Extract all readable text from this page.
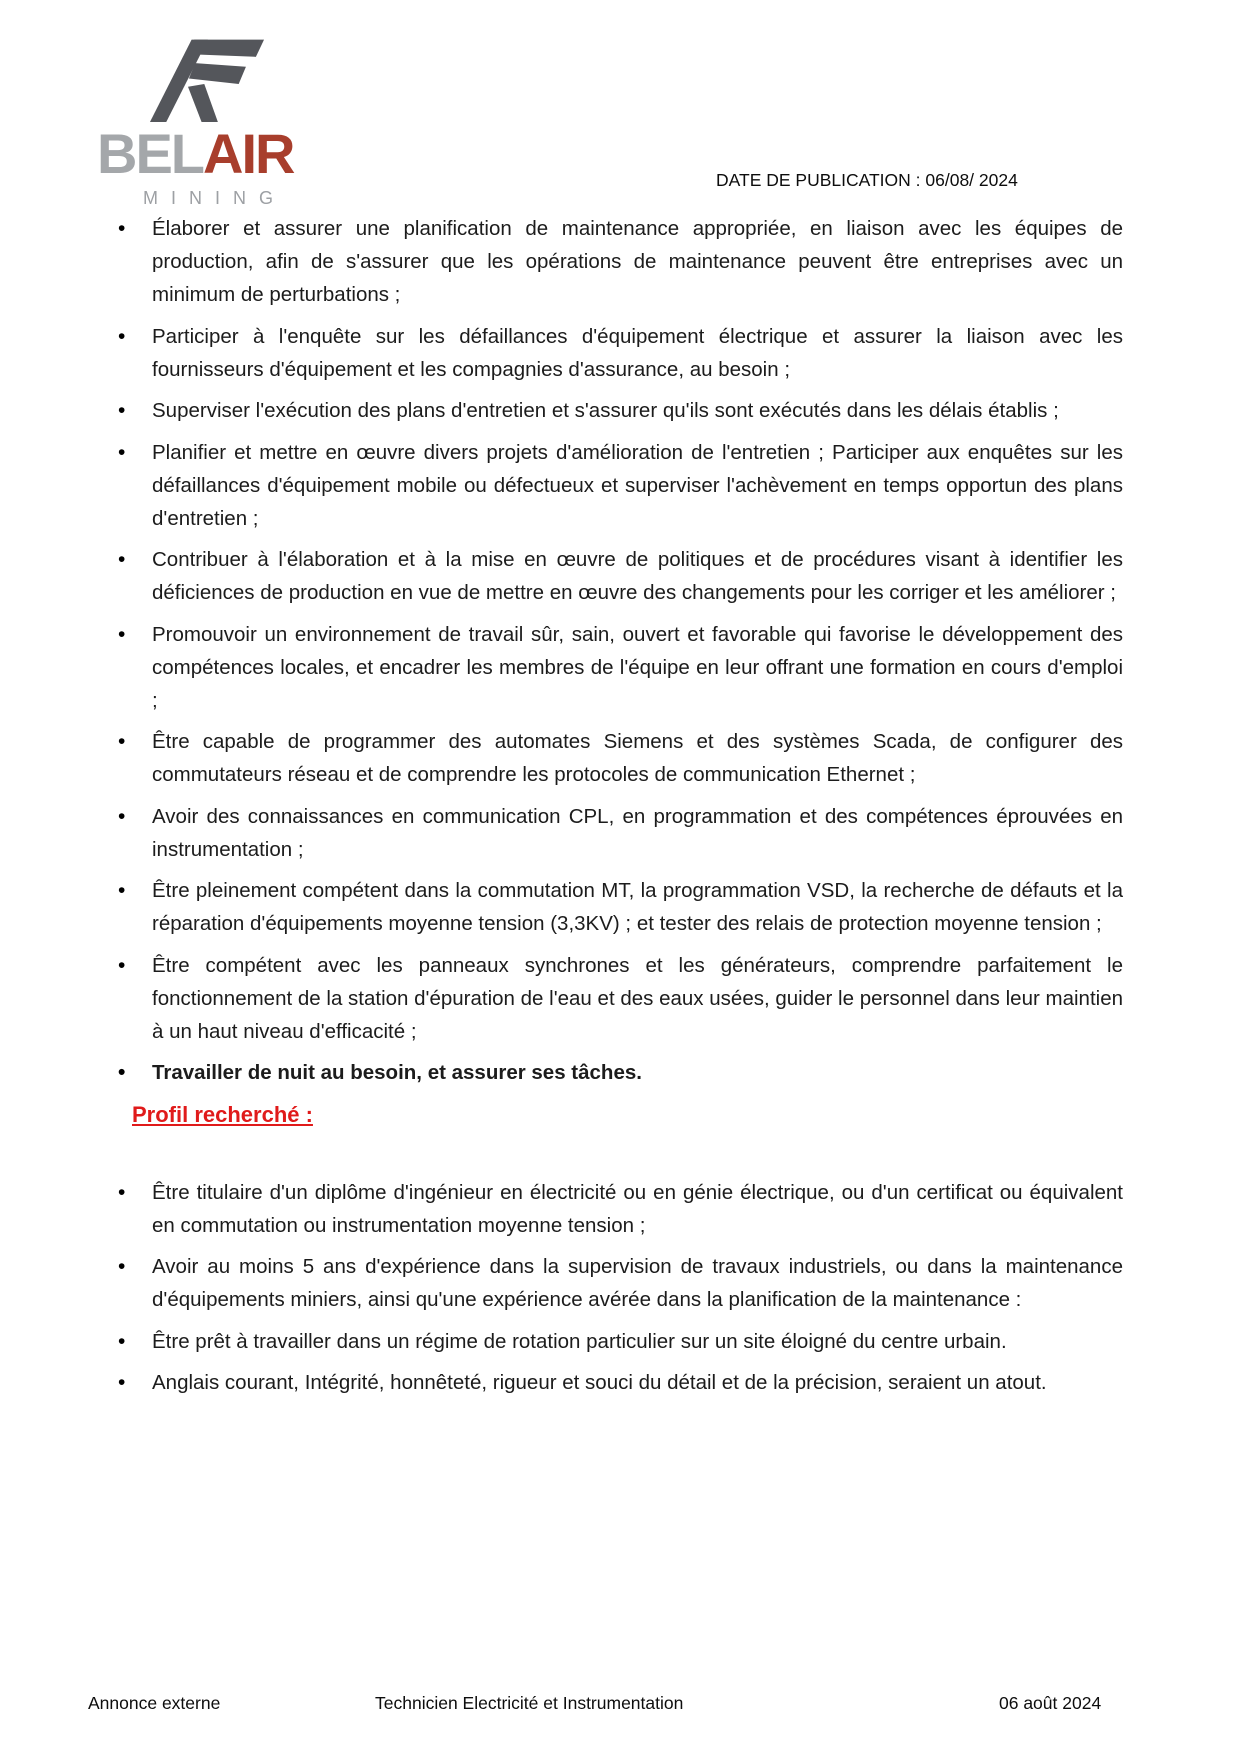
BELAIR
MINING
DATE DE PUBLICATION : 06/08/ 2024
• Élaborer et assurer une planification de maintenance appropriée, en liaison avec les équipes de production, afin de s'assurer que les opérations de maintenance peuvent être entreprises avec un minimum de perturbations ;
• Participer à l'enquête sur les défaillances d'équipement électrique et assurer la liaison avec les fournisseurs d'équipement et les compagnies d'assurance, au besoin ;
• Superviser l'exécution des plans d'entretien et s'assurer qu'ils sont exécutés dans les délais établis ;
• Planifier et mettre en œuvre divers projets d'amélioration de l'entretien ; Participer aux enquêtes sur les défaillances d'équipement mobile ou défectueux et superviser l'achèvement en temps opportun des plans d'entretien ;
• Contribuer à l'élaboration et à la mise en œuvre de politiques et de procédures visant à identifier les déficiences de production en vue de mettre en œuvre des changements pour les corriger et les améliorer ;
• Promouvoir un environnement de travail sûr, sain, ouvert et favorable qui favorise le développement des compétences locales, et encadrer les membres de l'équipe en leur offrant une formation en cours d'emploi ;
• Être capable de programmer des automates Siemens et des systèmes Scada, de configurer des commutateurs réseau et de comprendre les protocoles de communication Ethernet ;
• Avoir des connaissances en communication CPL, en programmation et des compétences éprouvées en instrumentation ;
• Être pleinement compétent dans la commutation MT, la programmation VSD, la recherche de défauts et la réparation d'équipements moyenne tension (3,3KV) ; et tester des relais de protection moyenne tension ;
• Être compétent avec les panneaux synchrones et les générateurs, comprendre parfaitement le fonctionnement de la station d'épuration de l'eau et des eaux usées, guider le personnel dans leur maintien à un haut niveau d'efficacité ;
• Travailler de nuit au besoin, et assurer ses tâches.
Profil recherché :
• Être titulaire d'un diplôme d'ingénieur en électricité ou en génie électrique, ou d'un certificat ou équivalent en commutation ou instrumentation moyenne tension ;
• Avoir au moins 5 ans d'expérience dans la supervision de travaux industriels, ou dans la maintenance d'équipements miniers, ainsi qu'une expérience avérée dans la planification de la maintenance :
• Être prêt à travailler dans un régime de rotation particulier sur un site éloigné du centre urbain.
• Anglais courant, Intégrité, honnêteté, rigueur et souci du détail et de la précision, seraient un atout.
Annonce externe	Technicien Electricité et Instrumentation	06 août 2024
